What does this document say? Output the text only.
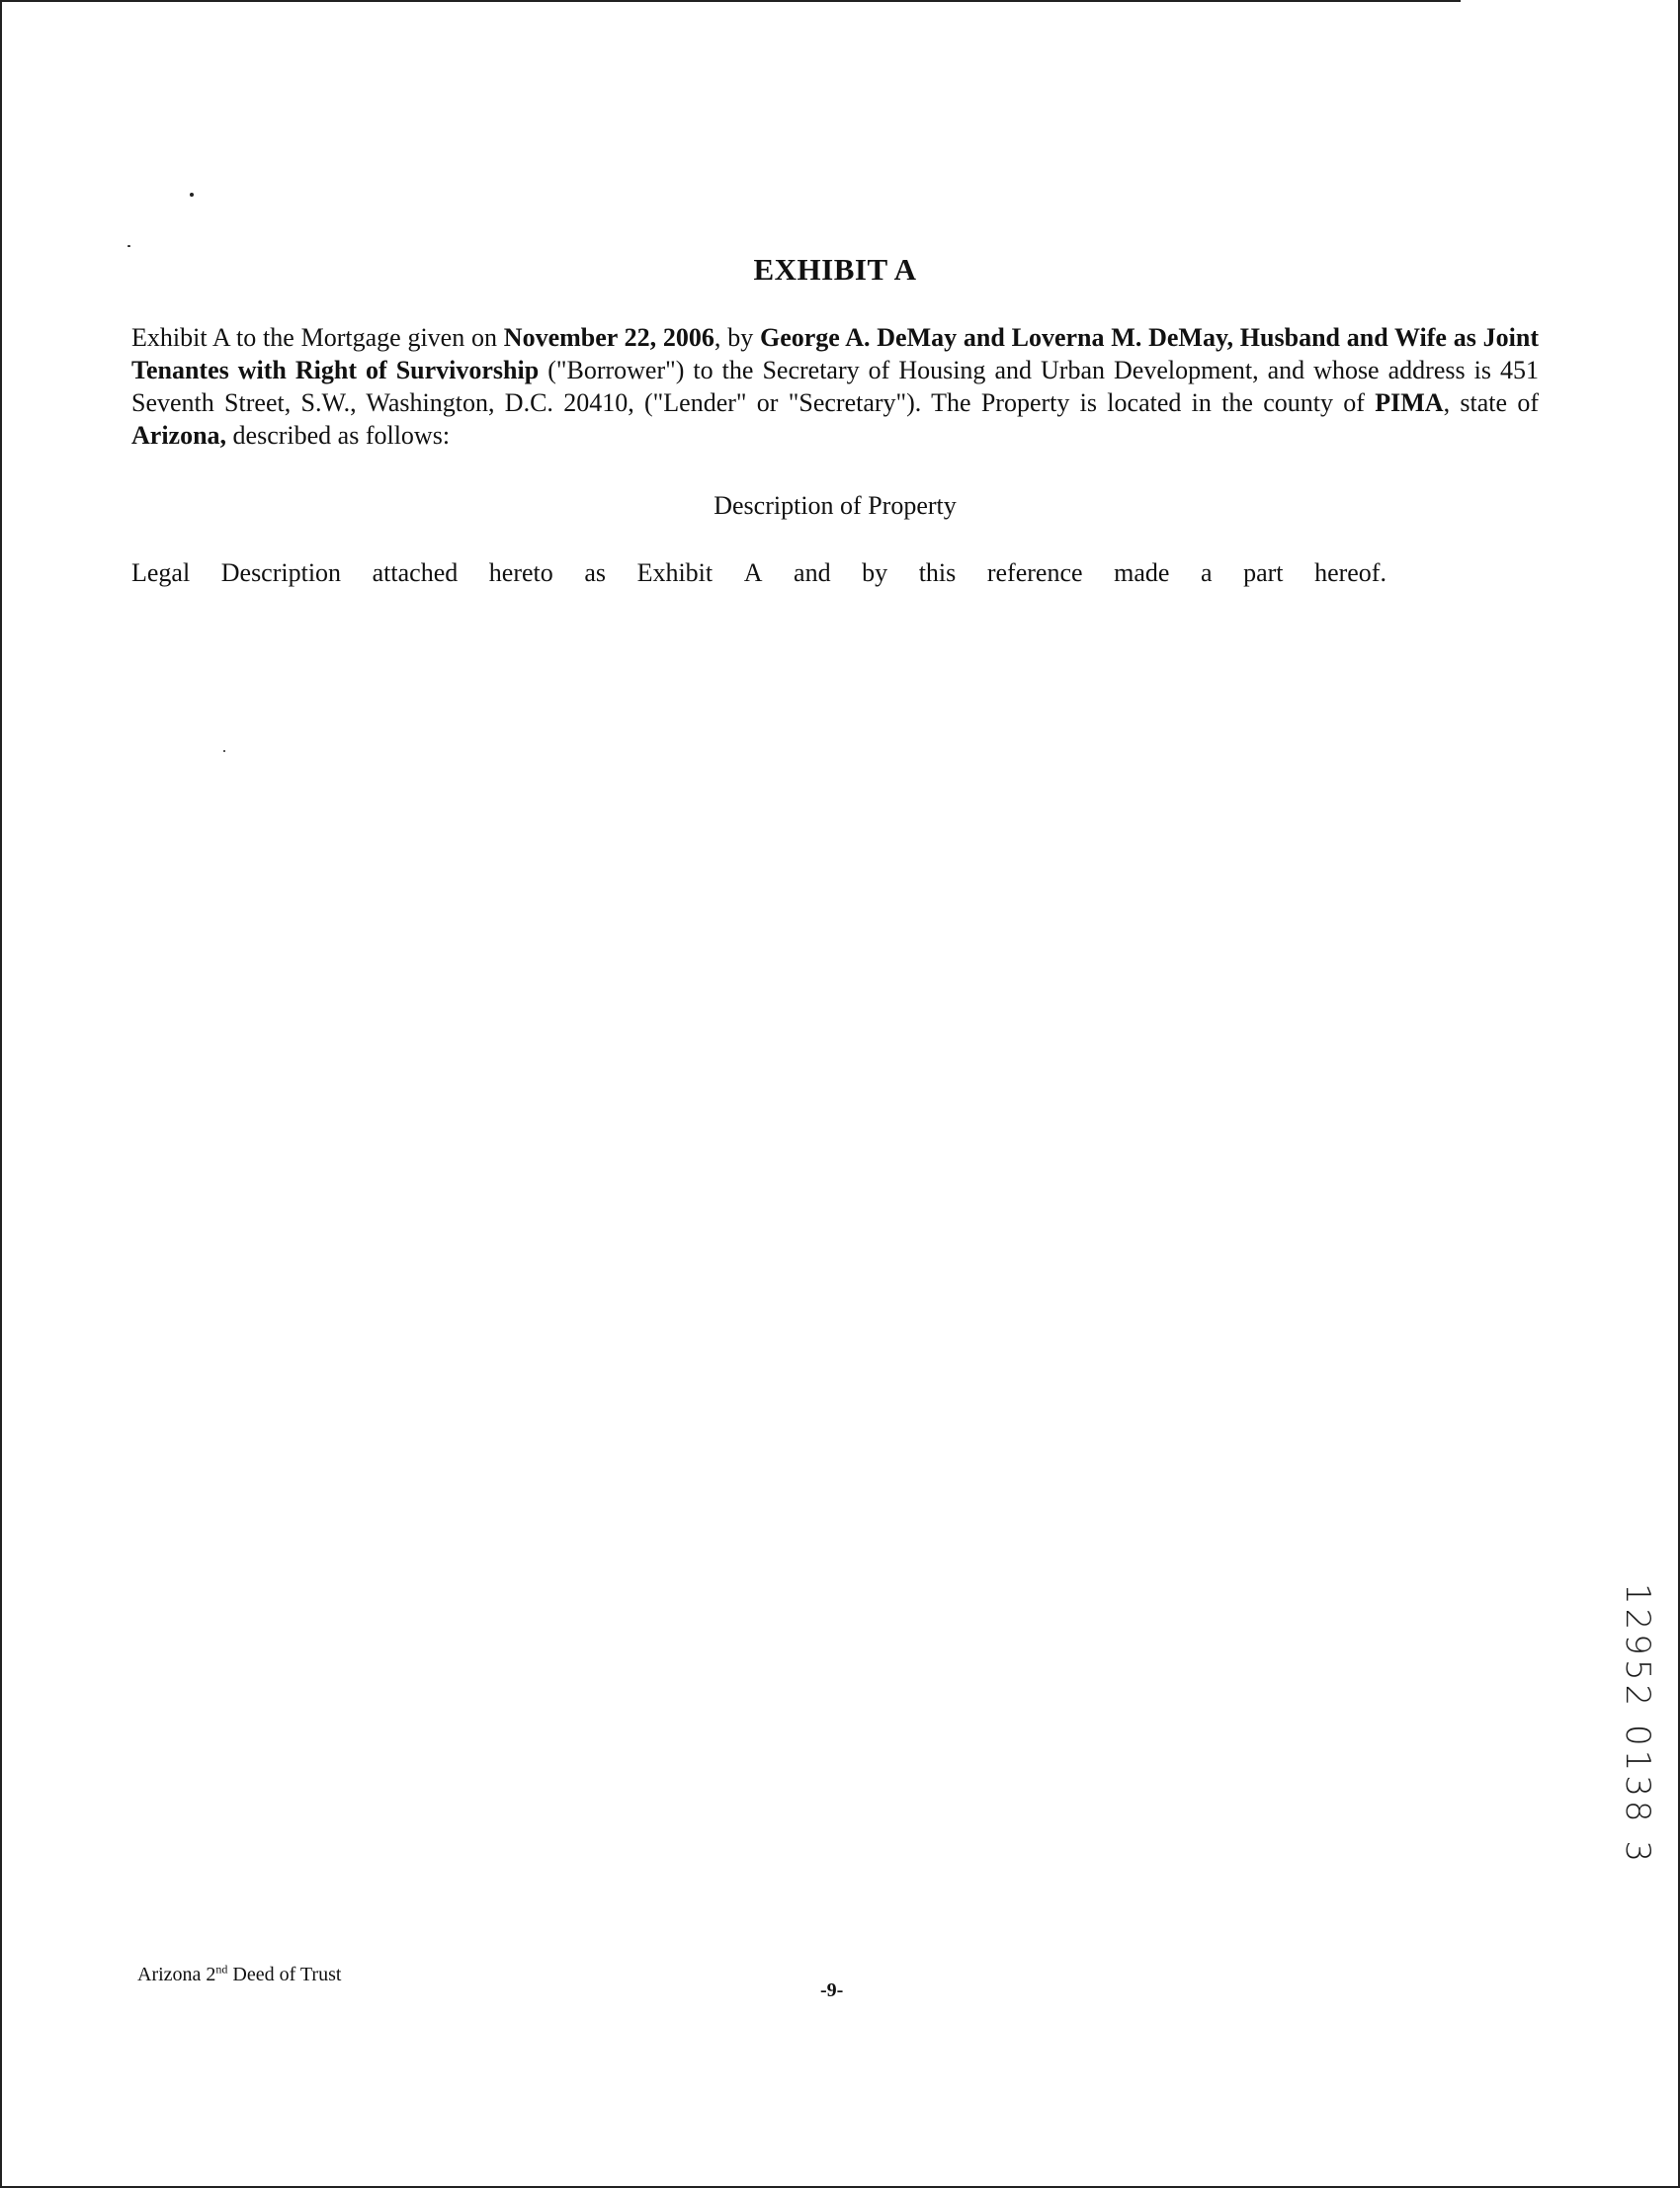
EXHIBIT A
Exhibit A to the Mortgage given on November 22, 2006, by George A. DeMay and Loverna M. DeMay, Husband and Wife as Joint Tenantes with Right of Survivorship ("Borrower") to the Secretary of Housing and Urban Development, and whose address is 451 Seventh Street, S.W., Washington, D.C. 20410, ("Lender" or "Secretary"). The Property is located in the county of PIMA, state of Arizona, described as follows:
Description of Property
Legal Description attached hereto as Exhibit A and by this reference made a part hereof.
Arizona 2nd Deed of Trust
-9-
12952 0138 3
